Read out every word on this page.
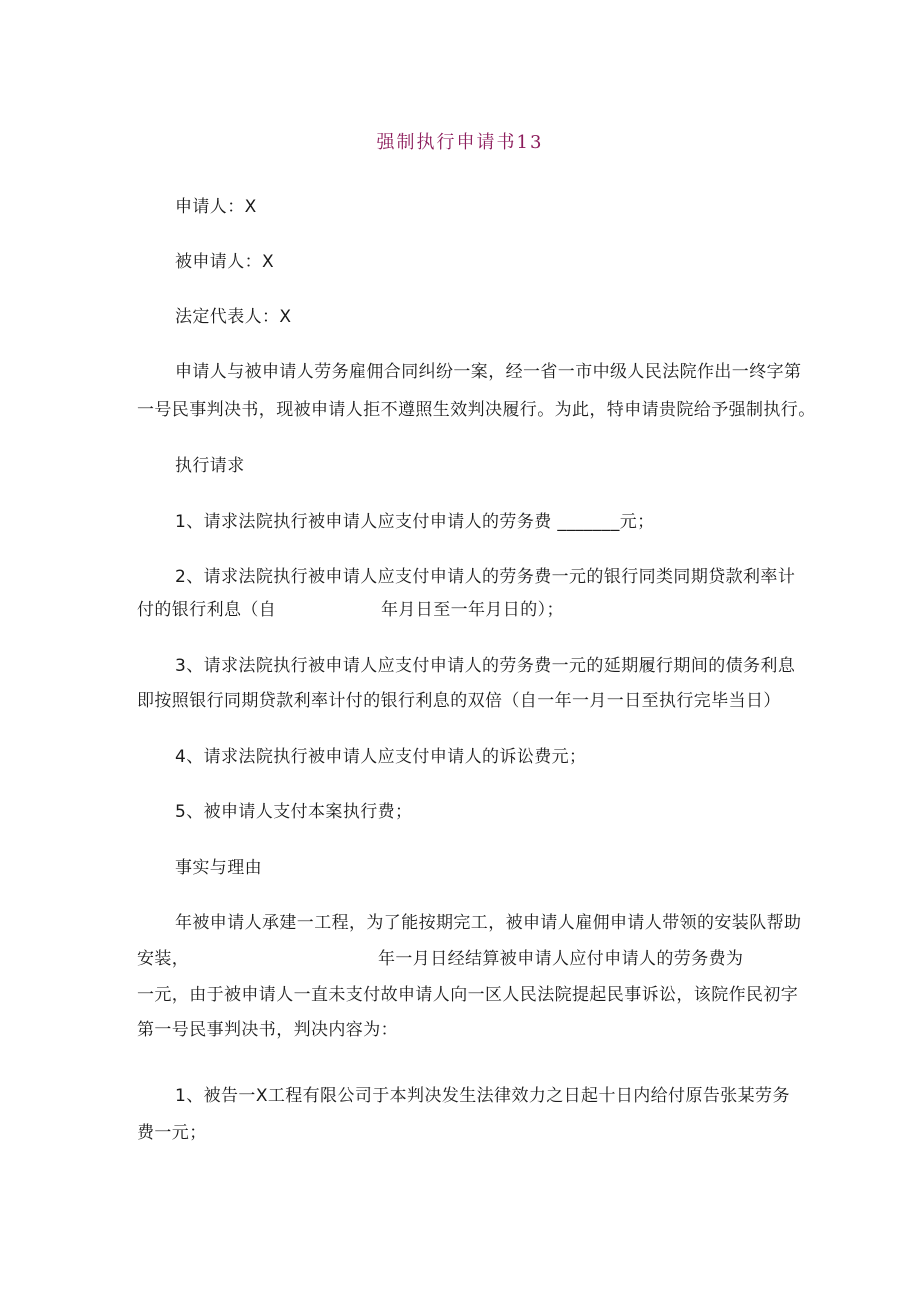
强制执行申请书13
申请人：X
被申请人：X
法定代表人：X
申请人与被申请人劳务雇佣合同纠纷一案，经一省一市中级人民法院作出一终字第
一号民事判决书，现被申请人拒不遵照生效判决履行。为此，特申请贵院给予强制执行。
执行请求
1、请求法院执行被申请人应支付申请人的劳务费 _______元；
2、请求法院执行被申请人应支付申请人的劳务费一元的银行同类同期贷款利率计
付的银行利息（自	年月日至一年月日的）；
3、请求法院执行被申请人应支付申请人的劳务费一元的延期履行期间的债务利息
即按照银行同期贷款利率计付的银行利息的双倍（自一年一月一日至执行完毕当日）
4、请求法院执行被申请人应支付申请人的诉讼费元；
5、被申请人支付本案执行费；
事实与理由
年被申请人承建一工程，为了能按期完工，被申请人雇佣申请人带领的安装队帮助
安装，	年一月日经结算被申请人应付申请人的劳务费为
一元，由于被申请人一直未支付故申请人向一区人民法院提起民事诉讼，该院作民初字
第一号民事判决书，判决内容为：
1、被告一X工程有限公司于本判决发生法律效力之日起十日内给付原告张某劳务
费一元；
